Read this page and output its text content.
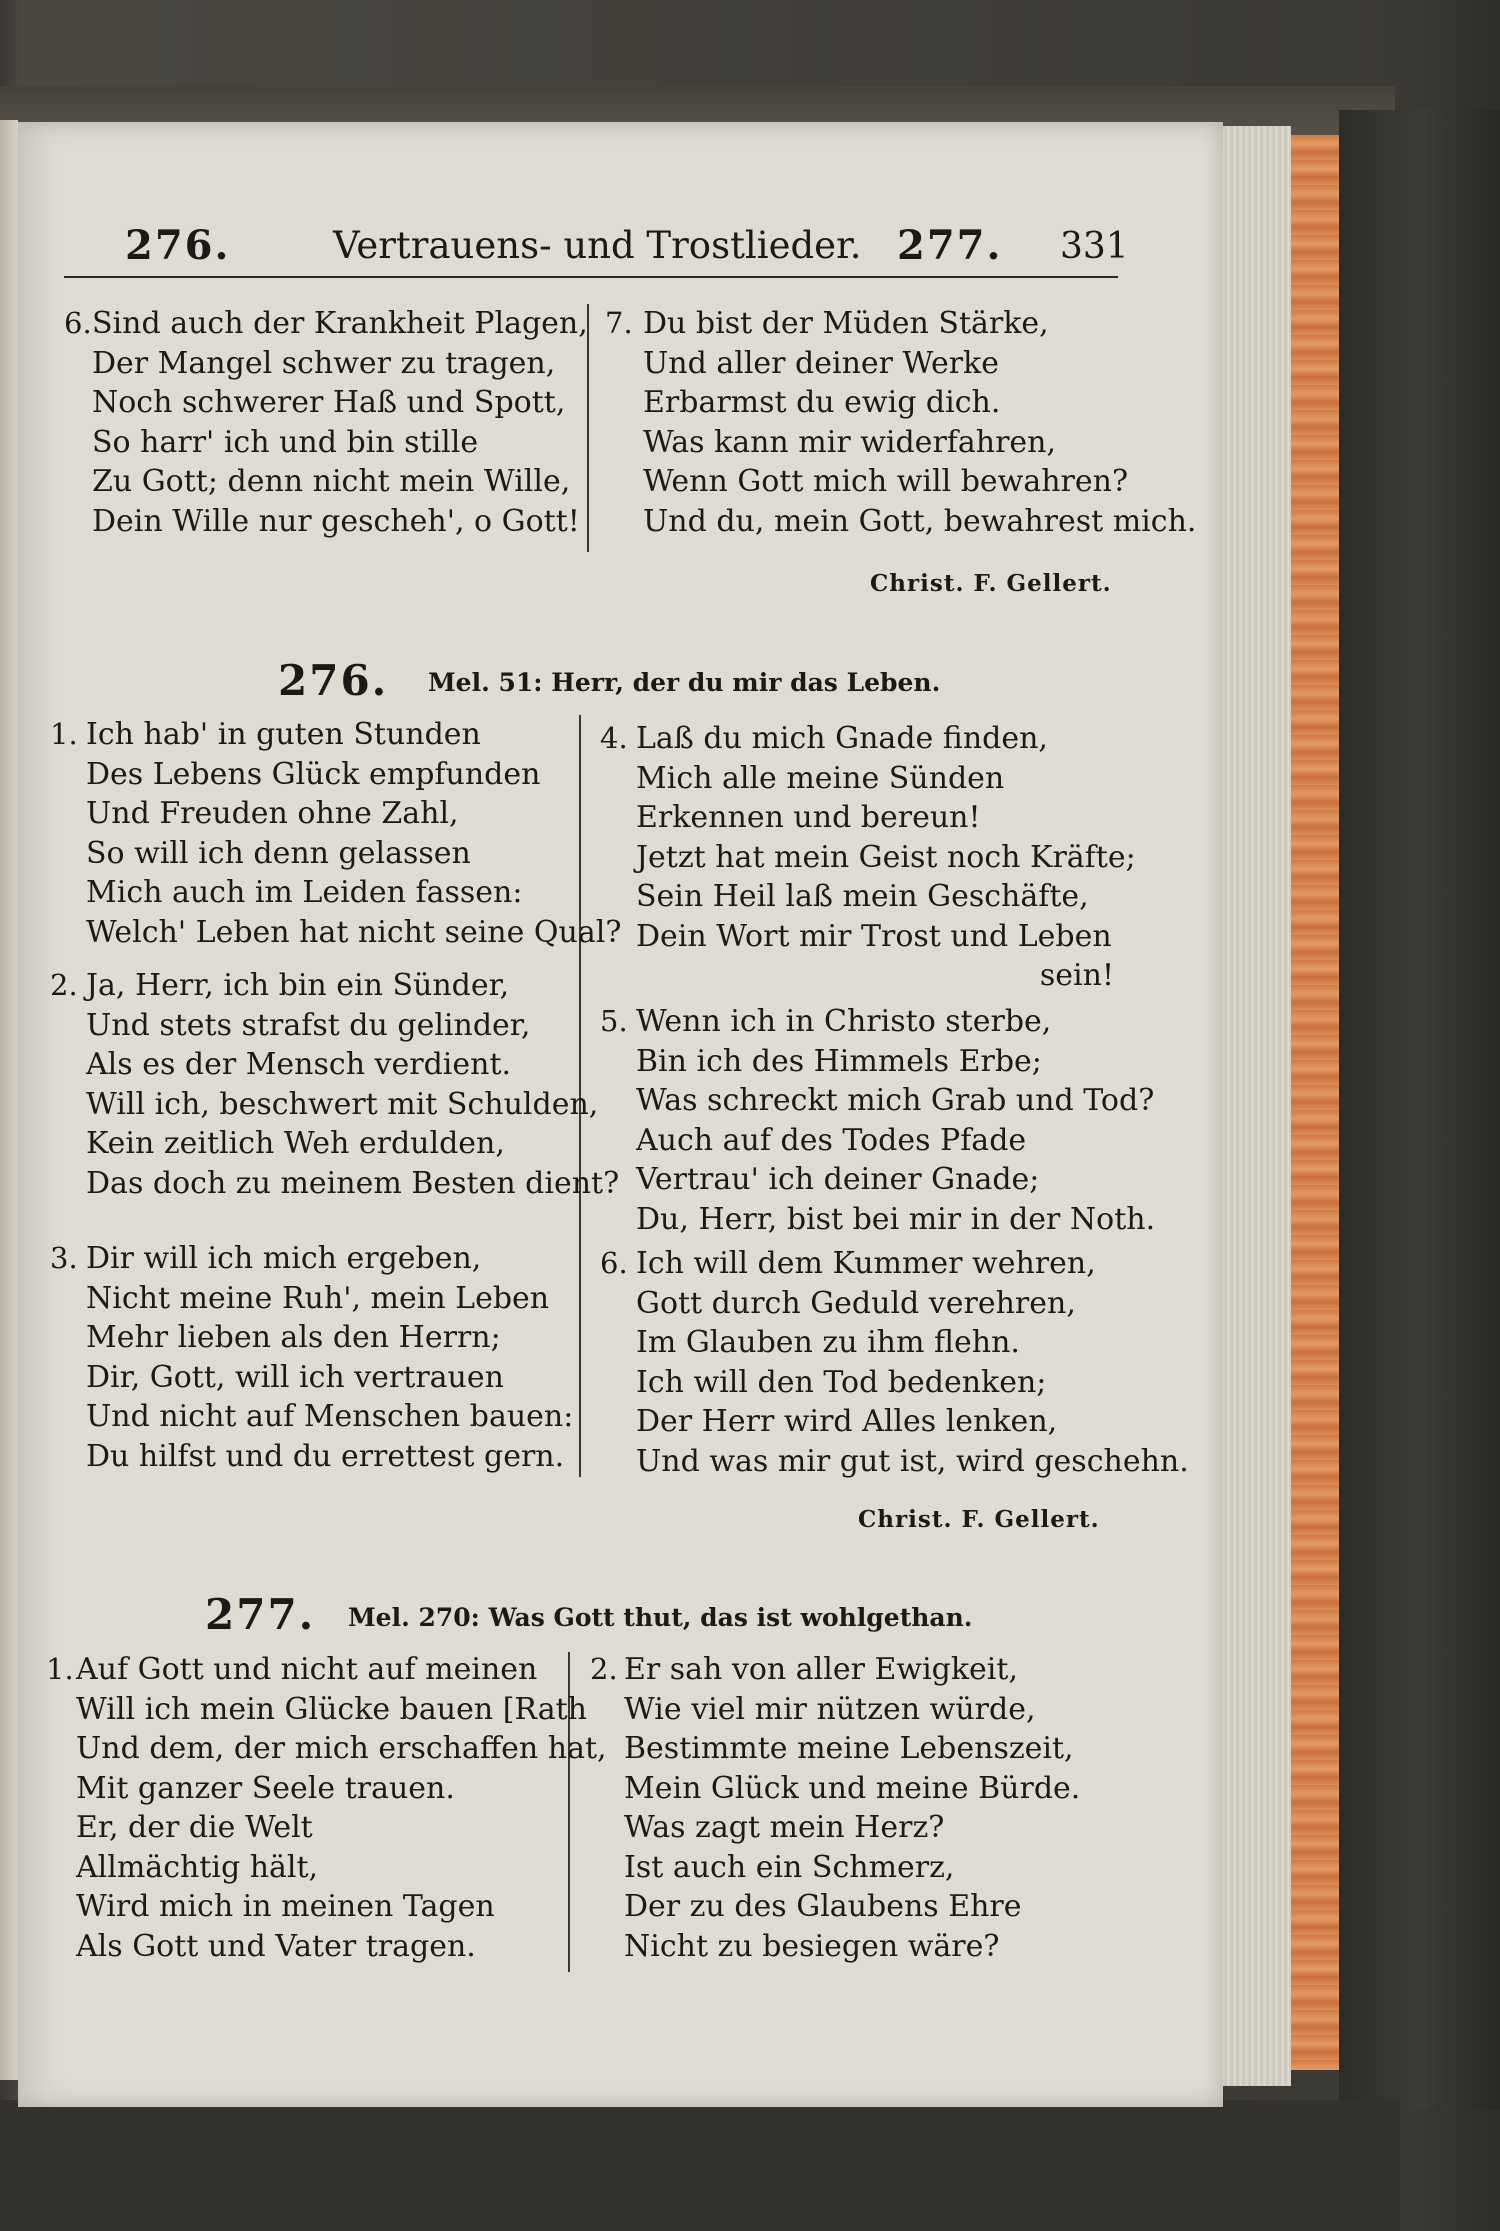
276.	Vertrauens- und Trostlieder. 277. 331
6. Sind auch der Krankheit Plagen,
Der Mangel schwer zu tragen,
Noch schwerer Haß und Spott,
So harr' ich und bin stille
Zu Gott; denn nicht mein Wille,
Dein Wille nur gescheh', o Gott!
7. Du bist der Müden Stärke,
Und aller deiner Werke
Erbarmst du ewig dich.
Was kann mir widerfahren,
Wenn Gott mich will bewahren?
Und du, mein Gott, bewahrest mich.
Christ. F. Gellert.
276. Mel. 51: Herr, der du mir das Leben.
1. Ich hab' in guten Stunden
Des Lebens Glück empfunden
Und Freuden ohne Zahl,
So will ich denn gelassen
Mich auch im Leiden fassen:
Welch' Leben hat nicht seine Qual?
2. Ja, Herr, ich bin ein Sünder,
Und stets strafst du gelinder,
Als es der Mensch verdient.
Will ich, beschwert mit Schulden,
Kein zeitlich Weh erdulden,
Das doch zu meinem Besten dient?
3. Dir will ich mich ergeben,
Nicht meine Ruh', mein Leben
Mehr lieben als den Herrn;
Dir, Gott, will ich vertrauen
Und nicht auf Menschen bauen:
Du hilfst und du errettest gern.
4. Laß du mich Gnade finden,
Mich alle meine Sünden
Erkennen und bereun!
Jetzt hat mein Geist noch Kräfte;
Sein Heil laß mein Geschäfte,
Dein Wort mir Trost und Leben
sein!
5. Wenn ich in Christo sterbe,
Bin ich des Himmels Erbe;
Was schreckt mich Grab und Tod?
Auch auf des Todes Pfade
Vertrau' ich deiner Gnade;
Du, Herr, bist bei mir in der Noth.
6. Ich will dem Kummer wehren,
Gott durch Geduld verehren,
Im Glauben zu ihm flehn.
Ich will den Tod bedenken;
Der Herr wird Alles lenken,
Und was mir gut ist, wird geschehn.
Christ. F. Gellert.
277. Mel. 270: Was Gott thut, das ist wohlgethan.
1. Auf Gott und nicht auf meinen
Will ich mein Glücke bauen [Rath
Und dem, der mich erschaffen hat,
Mit ganzer Seele trauen.
Er, der die Welt
Allmächtig hält,
Wird mich in meinen Tagen
Als Gott und Vater tragen.
2. Er sah von aller Ewigkeit,
Wie viel mir nützen würde,
Bestimmte meine Lebenszeit,
Mein Glück und meine Bürde.
Was zagt mein Herz?
Ist auch ein Schmerz,
Der zu des Glaubens Ehre
Nicht zu besiegen wäre?
